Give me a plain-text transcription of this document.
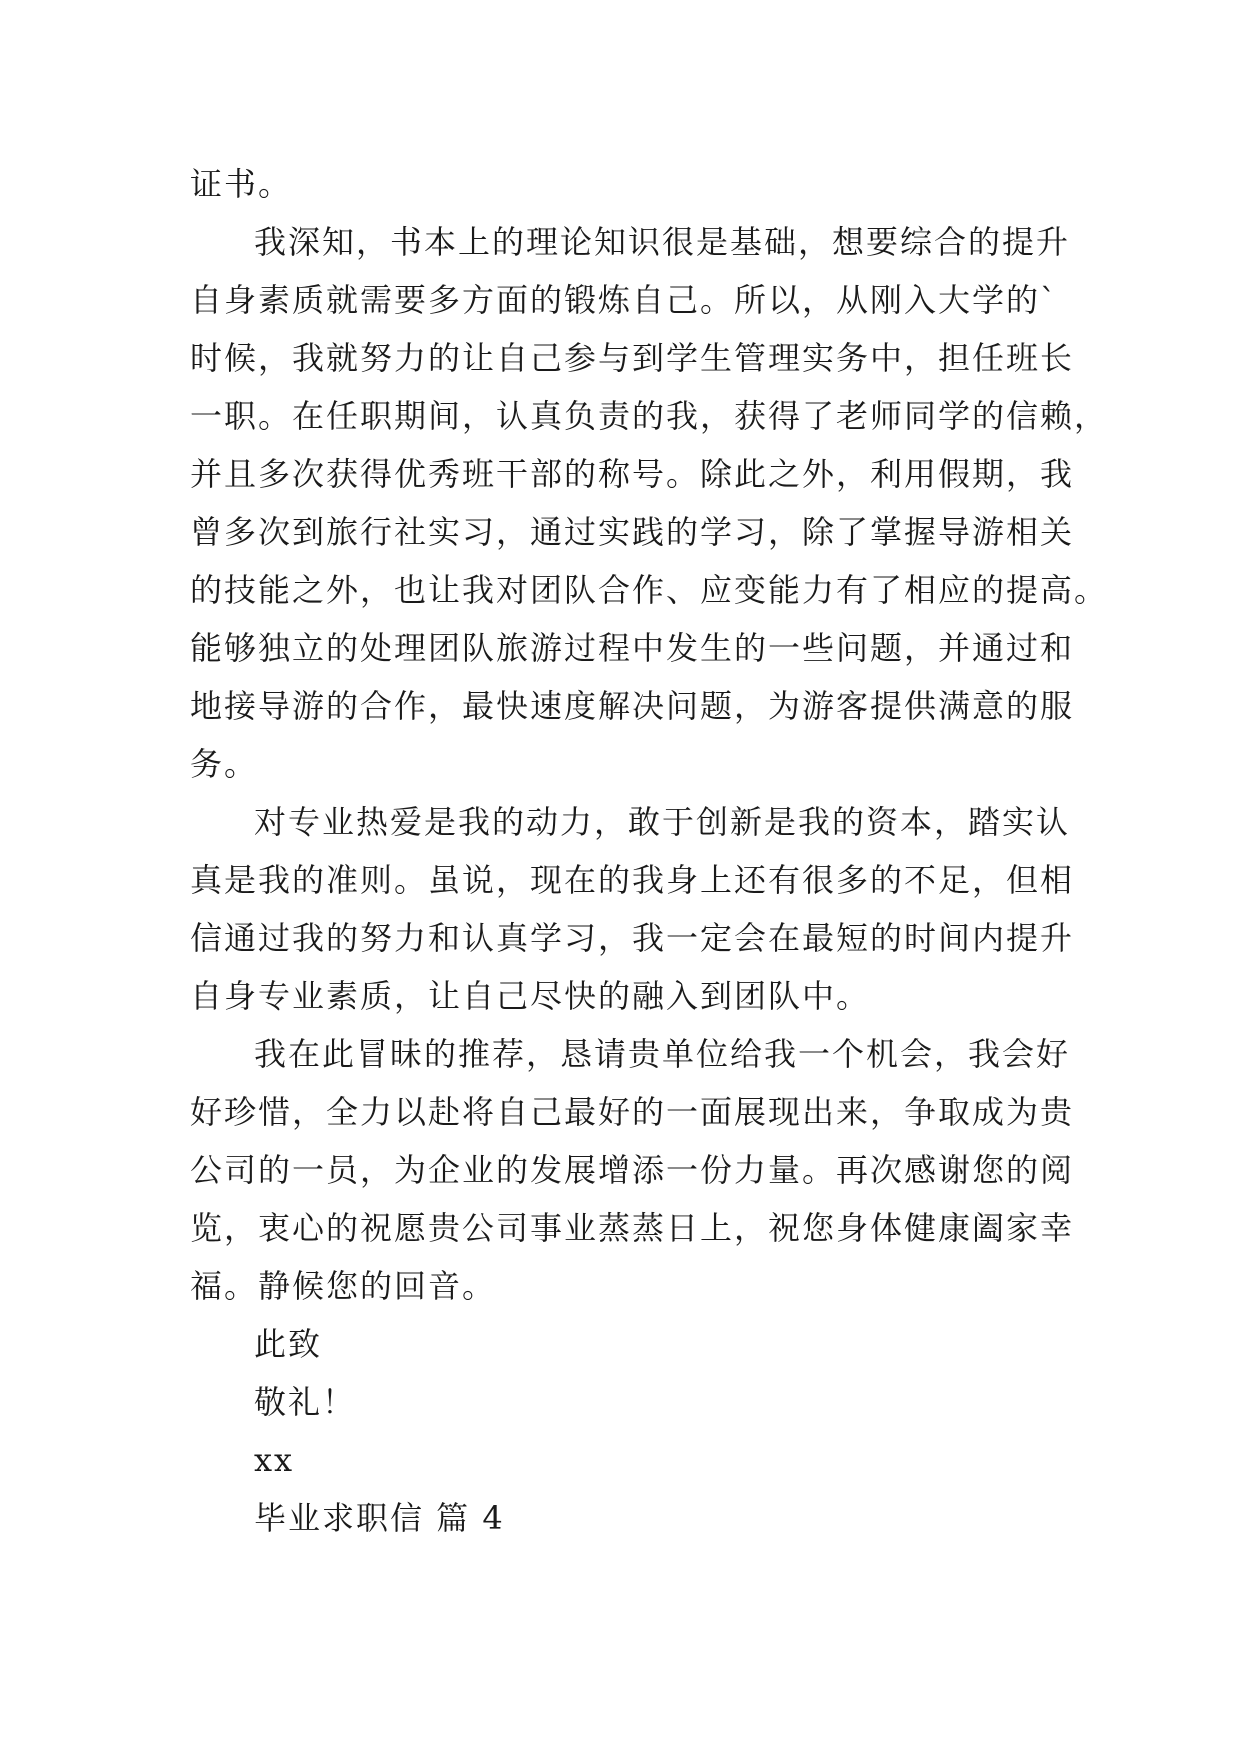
证书。
我深知，书本上的理论知识很是基础，想要综合的提升
自身素质就需要多方面的锻炼自己。所以，从刚入大学的`
时候，我就努力的让自己参与到学生管理实务中，担任班长
一职。在任职期间，认真负责的我，获得了老师同学的信赖，
并且多次获得优秀班干部的称号。除此之外，利用假期，我
曾多次到旅行社实习，通过实践的学习，除了掌握导游相关
的技能之外，也让我对团队合作、应变能力有了相应的提高。
能够独立的处理团队旅游过程中发生的一些问题，并通过和
地接导游的合作，最快速度解决问题，为游客提供满意的服
务。
对专业热爱是我的动力，敢于创新是我的资本，踏实认
真是我的准则。虽说，现在的我身上还有很多的不足，但相
信通过我的努力和认真学习，我一定会在最短的时间内提升
自身专业素质，让自己尽快的融入到团队中。
我在此冒昧的推荐，恳请贵单位给我一个机会，我会好
好珍惜，全力以赴将自己最好的一面展现出来，争取成为贵
公司的一员，为企业的发展增添一份力量。再次感谢您的阅
览，衷心的祝愿贵公司事业蒸蒸日上，祝您身体健康阖家幸
福。静候您的回音。
此致
敬礼！
xx
毕业求职信 篇 4
